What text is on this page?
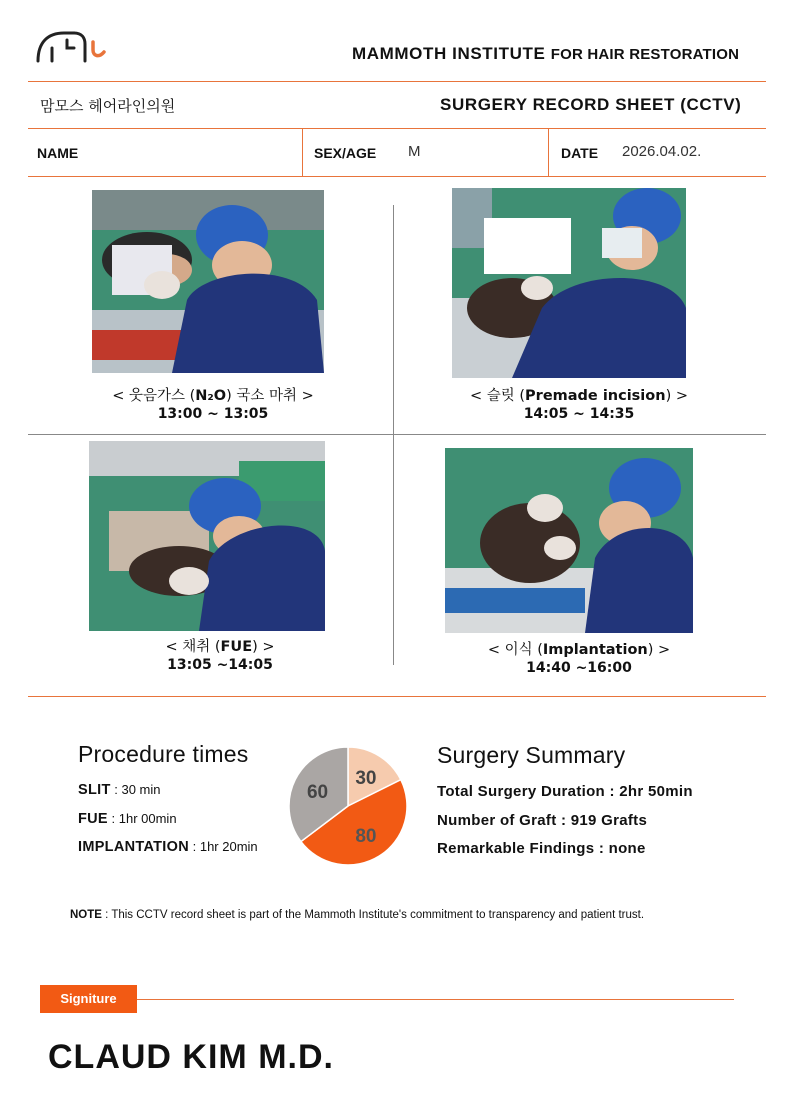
MAMMOTH INSTITUTE FOR HAIR RESTORATION
맘모스 헤어라인의원	SURGERY RECORD SHEET (CCTV)
NAME	SEX/AGE M	DATE 2026.04.02.
< 웃음가스 (N₂O) 국소 마취 >
13:00 ~ 13:05
< 슬릿 (Premade incision) >
14:05 ~ 14:35
< 채취 (FUE) >
13:05 ~14:05
< 이식 (Implantation) >
14:40 ~16:00
Procedure times
SLIT : 30 min
FUE : 1hr 00min
IMPLANTATION : 1hr 20min
30
80
60
Surgery Summary
Total Surgery Duration : 2hr 50min
Number of Graft : 919 Grafts
Remarkable Findings : none
NOTE : This CCTV record sheet is part of the Mammoth Institute's commitment to transparency and patient trust.
Signiture
CLAUD KIM M.D.
